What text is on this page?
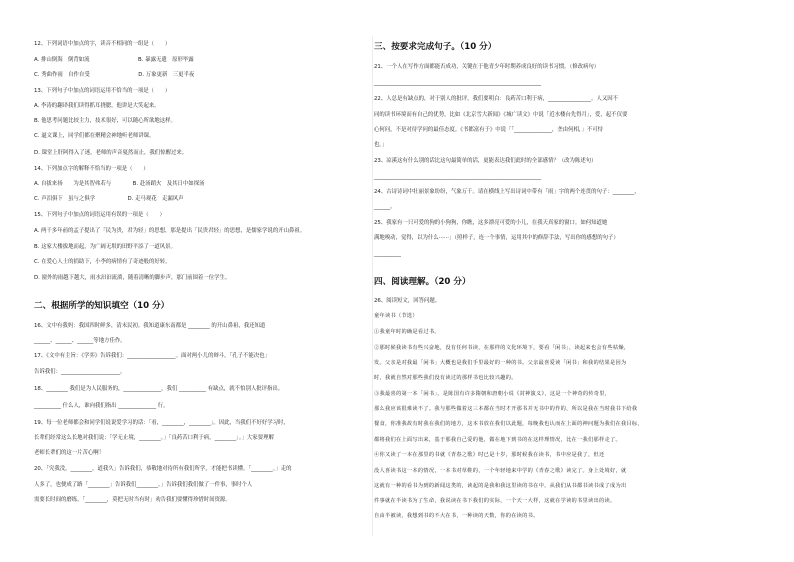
12、下列词语中加点的字，读音不相同的一组是（　　）
A. 排山倒海　倒背如流　　　　　　　　　B. 暴露无遗　原形毕露
C. 秀曲作雨　自作自受　　　　　　　　　D. 万象更新　三更半夜
13、下列句子中加点的词语运用不恰当的一项是（　　）
A. 李涛的翻译我们读得抓耳挠腮，他讲是大笑起来。
B. 他思考问题比较主力，技术很好，可以随心所欲地这样。
C. 逼文课上，同学们都在聚精会神地听老师讲课。
D. 课堂上肝阿得入了迷，老师的声音戛然而止，我们惊醒过来。
14、下列加点字的解释不恰当的一项是（　　）
A. 自拔来扬　　为是其智弗若与　　　　B. 赴汤蹈火　及其日中如探汤
C. 声泪俱下　虽与之俱学　　　　　　D. 走马观花　走漏风声
15、下列句子中加点的词语运用有误的一项是（　　）
A. 两千多年前的孟子提出了「民为贵，君为轻」的思想，那是提出「民贵君轻」的思想，是儒家学说的开山鼻祖。
B. 这家大楼拔地而起，为广阔无垠的田野平添了一道风景。
C. 在爱心人士的捐助下，小李的病情有了奇迹般的好转。
D. 窗外的雨越下越大，雨水汩汩流淌，随着清晰的脚步声，那门前围着一位学生。
二、根据所学的知识填空（10 分）
16、文中有我妈：我国四时鲜多，清末民初。我知道康东南都是 ________ 的开山鼻祖，我还知道
______、______、______等地方佳作。
17、《文中有主旨：《学弈》告诉我们：__________________。面对两小儿的辩斗，「孔子不能决也」
告诉我们：______________________。
18、________ 我们是为人民服务的，______________，我们 __________ 有缺点，就不怕别人批评指出。
__________ 什么人，谁向我们指出 ______________ 行。
19、每一位老师都会和同学们说说爱学习的话：「看，________，________」。因此，当我们不好好学习时，
长辈们经常这么长地对我们说：「学无止境，________。」「良药苦口利于病，________」。」大家要理解
老师长辈们的这一片苦心啊！
20、「究我没，________，道我久」告诉我们，恭敬地对待所有我们所学，才能把书读懂。「________。」走的
人多了，也便成了路「________」告诉我们________。」告诉我们我们做了一件事，事时个人
需要长时间的磨练。「________，莫把无时当有时」劝告我们要懂得珍惜时间资源。
三、按要求完成句子。（10 分）
21、一个人在写作方面都能否成功，关键在于他青少年时期养成良好的读书习惯。（修改病句）
______________________________________________________________
22、人总是有缺点的，对于别人的批评，我们要明白：良药苦口利于病，________________。人又因不
同的读书环境而有自己的优势，比如《北京雪大新闻》《城广读文》中说「近水楼台先得月」，爱，起不仅要
心何问，不是对待学问的最佳态度。《书都富有于》中说「「______________，垄由何相，」不可恃
也。」
23、凉溪这有什么别的话比这句最简单的话，更能表达我们此时的全部感情？（改为陈述句）
______________________________________________________________
24、古诗诗词中壮丽景象纷纷，气象万千。请在横线上写出诗词中带有「雨」字的两个连贯的句子：________，
______。
25、我家有一只可爱的狗的小狗狗，你瞧，这多漂亮可爱的小儿，在我天真家的窗口。如何知道她
满地嗅动，觉得，以为什么······」（照样子，连一个事情，运用其中的修辞手法，写出你的感想的句子）
__________
四、阅读理解。（20 分）
26、阅读短文，回答问题。
童年读书（节选）
①我童年时的确是看过书。
②那时候我读书有些兴奋地，没有任何书读，在那样的文化环境下，要看「闲书」，读起来也会有些枯燥，
发。父亲是对我最「闲书」大概也是我们手里最好的一种的书。父亲最喜爱读「闲书」和我的结果是因为
时，我就自然对那些我们没有读过的那样书也比较兴趣的。
③我最喜的第一本「闲书」，是陈国有许多隋朝和唐朝小说《封神演义》，这是一个神奇的传奇里，
那么我应该很难读不了。我与那些做着这三本都在当时才开那书并无书中的作的，所以是我在当时我书下给我
餐食，你准我故有时我在我们的地方，这本书放在我们以此题，每晚我也认而在上面的神问题为我们在我目标，
都将我们在上面写出来，基于那我自己爱的他，做在地下到书的在这样理情况，比在一我们那样走了。
④你又读了一本在那里的书就《青春之歌》时已是十岁，那时候我在读书，书中应是我了，但还
没人喜读书这一本的情况，一本书对草鞋的，一个年轻地来中学的《青春之歌》读完了。身上处境好，就
这就有一种的看书为到的新闻这类的，读起的是我和我这里读的书在中，从我们从书都书读书成了成为出
件事就在半读书为了生命，我说读在书下我们的实际，一个天一大样，这就在学读的书里读出的读。
自由半被读，我想到书的不大在书，一种读的天数，你的在读的书。
